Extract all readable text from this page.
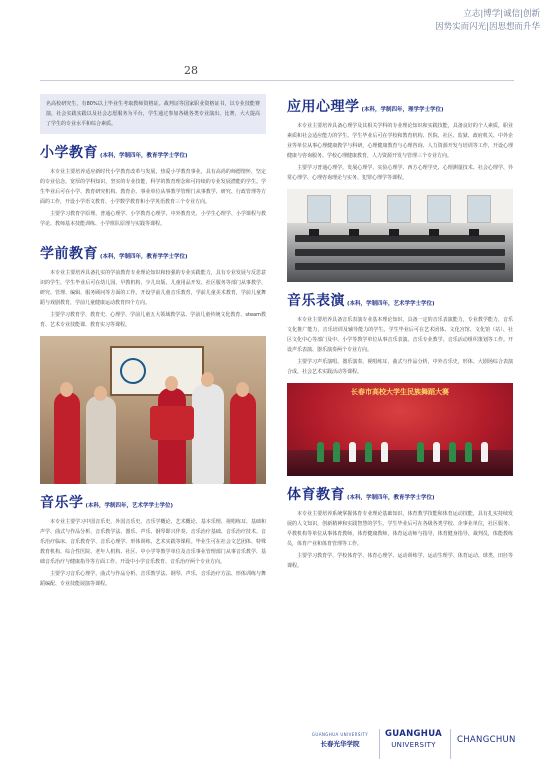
立志|博学|诚信|创新
因势实而闪光|因思想而升华
28
名高校研究生，有80%以上毕业生考取教师资格证。裁判证等国家职业资格证书，以专业技能赛演，社会实践实践以及社会志愿服务为平台，学生通过参加各级各类专业演出、比赛，大大提高了学生的专业水平和综合素质。
小学教育 (本科，学制四年，教育学学士学位)

本专业主要培养适应新时代小学教育改革与发展，热爱小学教育事业，具有高尚的师德情怀，坚定的专业信念，宽厚的学科知识，坚实的专业技能，科学的教育理念和可持续的专业发展潜能的学生。学生毕业后可在小学、教育研究机构、教育企、事业单位从事教学管理门从事教学、研究、行政管理等方面的工作，开设小学语文教育、小学数学教育和小学英语教育三个专业方向。

主要学习教育学原理、普通心理学、小学教育心理学、中外教育史、小学生心理学、小学课程与教学论、教师基本技能训练、小学班队原理与实践等课程。

学前教育 (本科，学制四年，教育学学士学位)

本专业主要培养具备扎实的学前教育专业理论知识和较强的专业实践能力，具有专业发展与反思意识的学生，学生毕业后可在幼儿园、早教机构、少儿出版、儿童用品开发、社区服务等部门从事教学、研究、管理、编辑、服务顾问等方面的工作。开设学前儿童音乐教育，学前儿童美术教育，学前儿童舞蹈与戏剧教育，学前儿童健康运动教育四个方向。

主要学习教育学、教育史、心理学、学前儿童五大领域教学法、学前儿童传统文化教育、steam教育、艺术专业技能课、教育实习等课程。

音乐学 (本科，学制四年，艺术学学士学位)

本专业主要学习中国音乐史、外国音乐史、音乐学概论、艺术概论、基本乐理、视唱练耳、基础和声学、曲式与作品分析、音乐教学法、器乐、声乐、钢琴即兴伴奏、音乐治疗基础、音乐治疗技术、音乐治疗临床、音乐教育学、音乐心理学、形体训练、艺术实践等课程。毕业生可在社会文艺团体、特殊教育机构、综合性医院、老年人机构、社区、中小学等教学单位及音乐事业管理部门从事音乐教学、基础音乐治疗与健康指导等方面工作。开设中小学音乐教育、音乐治疗两个专业方向。

主要学习音乐心理学，曲式与作品分析、音乐教学法、钢琴、声乐、音乐治疗方法、形体训练与舞蹈编配、专业技能展演等课程。

应用心理学 (本科，学制四年，理学学士学位)

本专业主要培养具备心理学及其相关学科的专业理论知识和实践技能，具备良好的个人素质，职业素质和社会适应能力的学生。学生毕业后可在学校和教育机构、医院、社区、监狱、政府机关、中外企业等单位从事心理健康教学与科研，心理健康教育与心理咨询、人力资源开发与培训等工作，开设心理健康与咨询服务、学校心理健康教育，人力资源开发与管理三个专业方向。

主要学习普通心理学、发展心理学、实验心理学、西方心理学史、心理测量技术、社会心理学、异常心理学、心理咨询理论与实务、犯罪心理学等课程。

音乐表演 (本科，学制四年，艺术学学士学位)

本专业主要培养具备音乐表演专业基本理论知识，具备一定的音乐表演能力，专业教学能力，音乐文化推广能力，音乐培训及辅导能力的学生。学生毕业后可在艺术团体、文化宫馆、文化馆（站）、社区文化中心等部门及中、小学等教学单位从事音乐表演、音乐专业教学、音乐活动组织策划等工作。开设声乐表演、器乐演奏两个专业方向。

主要学习声乐演唱、器乐演奏、视唱练耳，曲式与作品分析，中外音乐史，形体、大剧场综合表演合成，社会艺术实践活动等课程。

长春市高校大学生民族舞蹈大赛
体育教育 (本科，学制四年，教育学学士学位)

本专业主要培养系统掌握体育专业理论基础知识，体育教学技能和体育运动技能，具有扎实持续发展的人文知识，创新精神和实践智慧的学生。学生毕业后可在各级各类学校、企事业单位，社区服务、早教机构等单位从事体育教师，体育健康教师，体育运动师与指导，体育健身指导、裁判员，体能教练员，体育产业和体育管理等工作。

主要学习教育学、学校体育学、体育心理学、运动训练学、运动生理学、体育运动、球类、田径等课程。

GUANGHUA UNIVERSITY
长春光华学院
GUANGHUA
UNIVERSITY	CHANGCHUN
